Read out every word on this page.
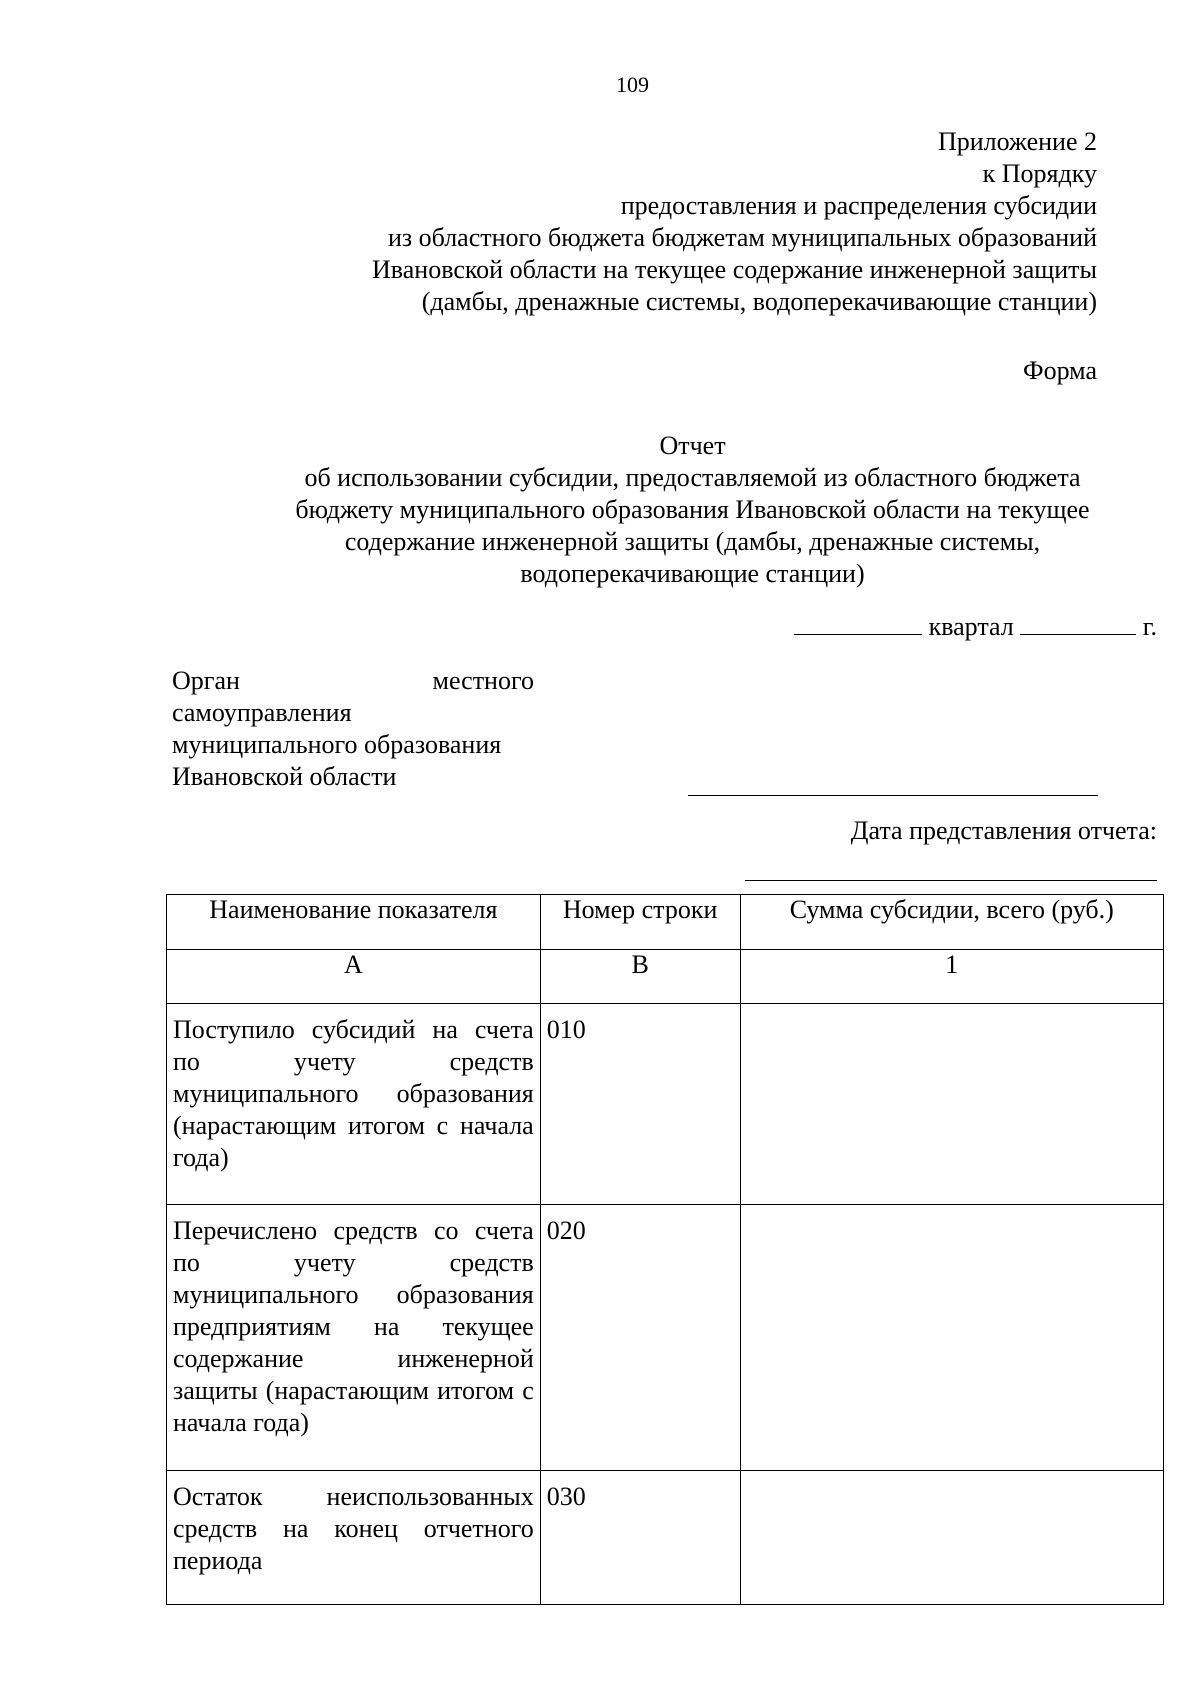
109
Приложение 2
к Порядку
предоставления и распределения субсидии
из областного бюджета бюджетам муниципальных образований
Ивановской области на текущее содержание инженерной защиты
(дамбы, дренажные системы, водоперекачивающие станции)
Форма
Отчет
об использовании субсидии, предоставляемой из областного бюджета
бюджету муниципального образования Ивановской области на текущее
содержание инженерной защиты (дамбы, дренажные системы,
водоперекачивающие станции)
квартал	г.
Орган	местного
самоуправления
муниципального образования
Ивановской области
Дата представления отчета:
Наименование показателя	Номер строки	Сумма субсидии, всего (руб.)
А	В	1
Поступило субсидий на счета по учету средств муниципального образования (нарастающим итогом с начала года)	010	
Перечислено средств со счета по учету средств муниципального образования предприятиям на текущее содержание инженерной защиты (нарастающим итогом с начала года)	020	
Остаток неиспользованных средств на конец отчетного периода	030	
